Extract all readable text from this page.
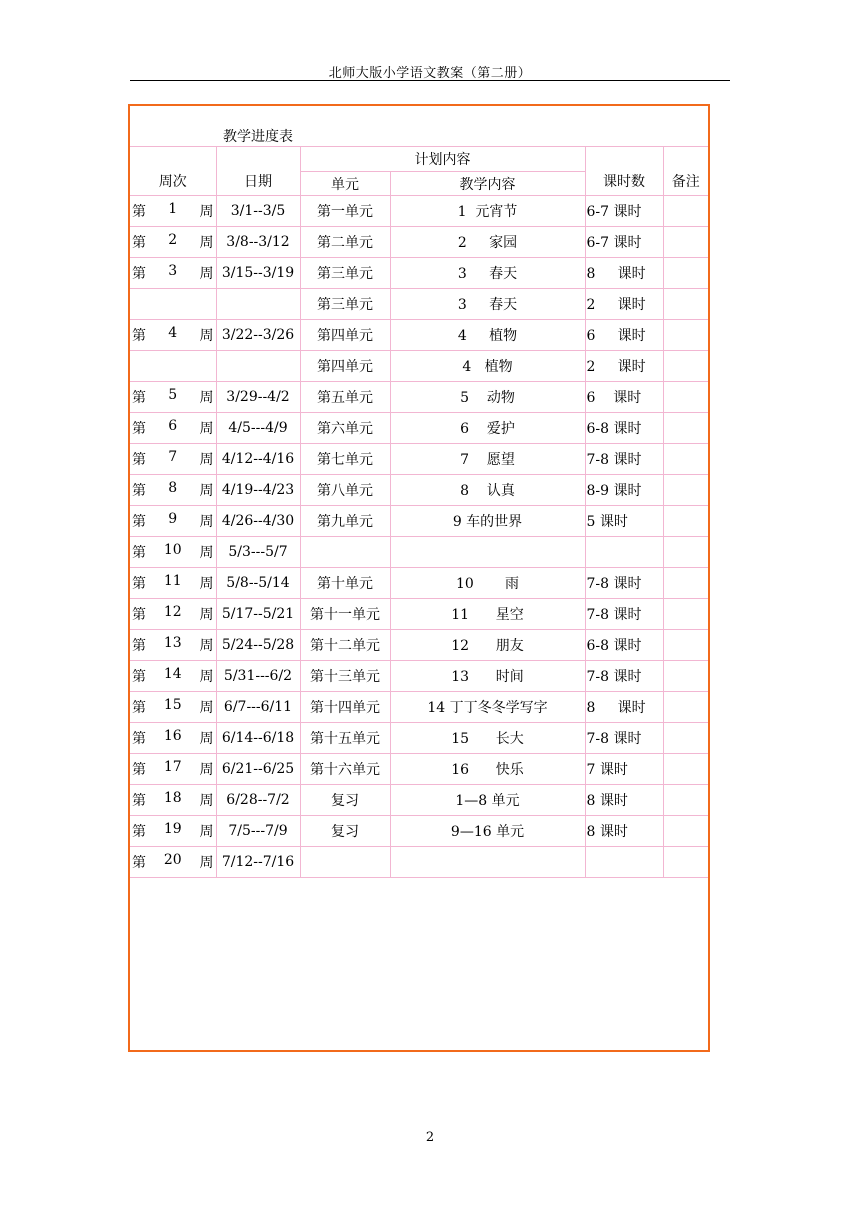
北师大版小学语文教案（第二册）
教学进度表
周次	日期	计划内容		课时数	备注
		单元	教学内容		

第 1 周	3/1--3/5	第一单元	1  元宵节	6-7 课时	

第 2 周	3/8--3/12	第二单元	2     家园	6-7 课时	

第 3 周	3/15--3/19	第三单元	3     春天	8     课时	

		第三单元	3     春天	2     课时	

第 4 周	3/22--3/26	第四单元	4     植物	6     课时	

		第四单元	4   植物	2     课时	

第 5 周	3/29--4/2	第五单元	5    动物	6    课时	

第 6 周	4/5---4/9	第六单元	6    爱护	6-8 课时	

第 7 周	4/12--4/16	第七单元	7    愿望	7-8 课时	

第 8 周	4/19--4/23	第八单元	8    认真	8-9 课时	

第 9 周	4/26--4/30	第九单元	9 车的世界	5 课时	

第 10 周	5/3---5/7				

第 11 周	5/8--5/14	第十单元	10       雨	7-8 课时	

第 12 周	5/17--5/21	第十一单元	11      星空	7-8 课时	

第 13 周	5/24--5/28	第十二单元	12      朋友	6-8 课时	

第 14 周	5/31---6/2	第十三单元	13      时间	7-8 课时	

第 15 周	6/7---6/11	第十四单元	14 丁丁冬冬学写字	8     课时	

第 16 周	6/14--6/18	第十五单元	15      长大	7-8 课时	

第 17 周	6/21--6/25	第十六单元	16      快乐	7 课时	

第 18 周	6/28--7/2	复习	1—8 单元	8 课时	

第 19 周	7/5---7/9	复习	9—16 单元	8 课时	

第 20 周	7/12--7/16				
2
